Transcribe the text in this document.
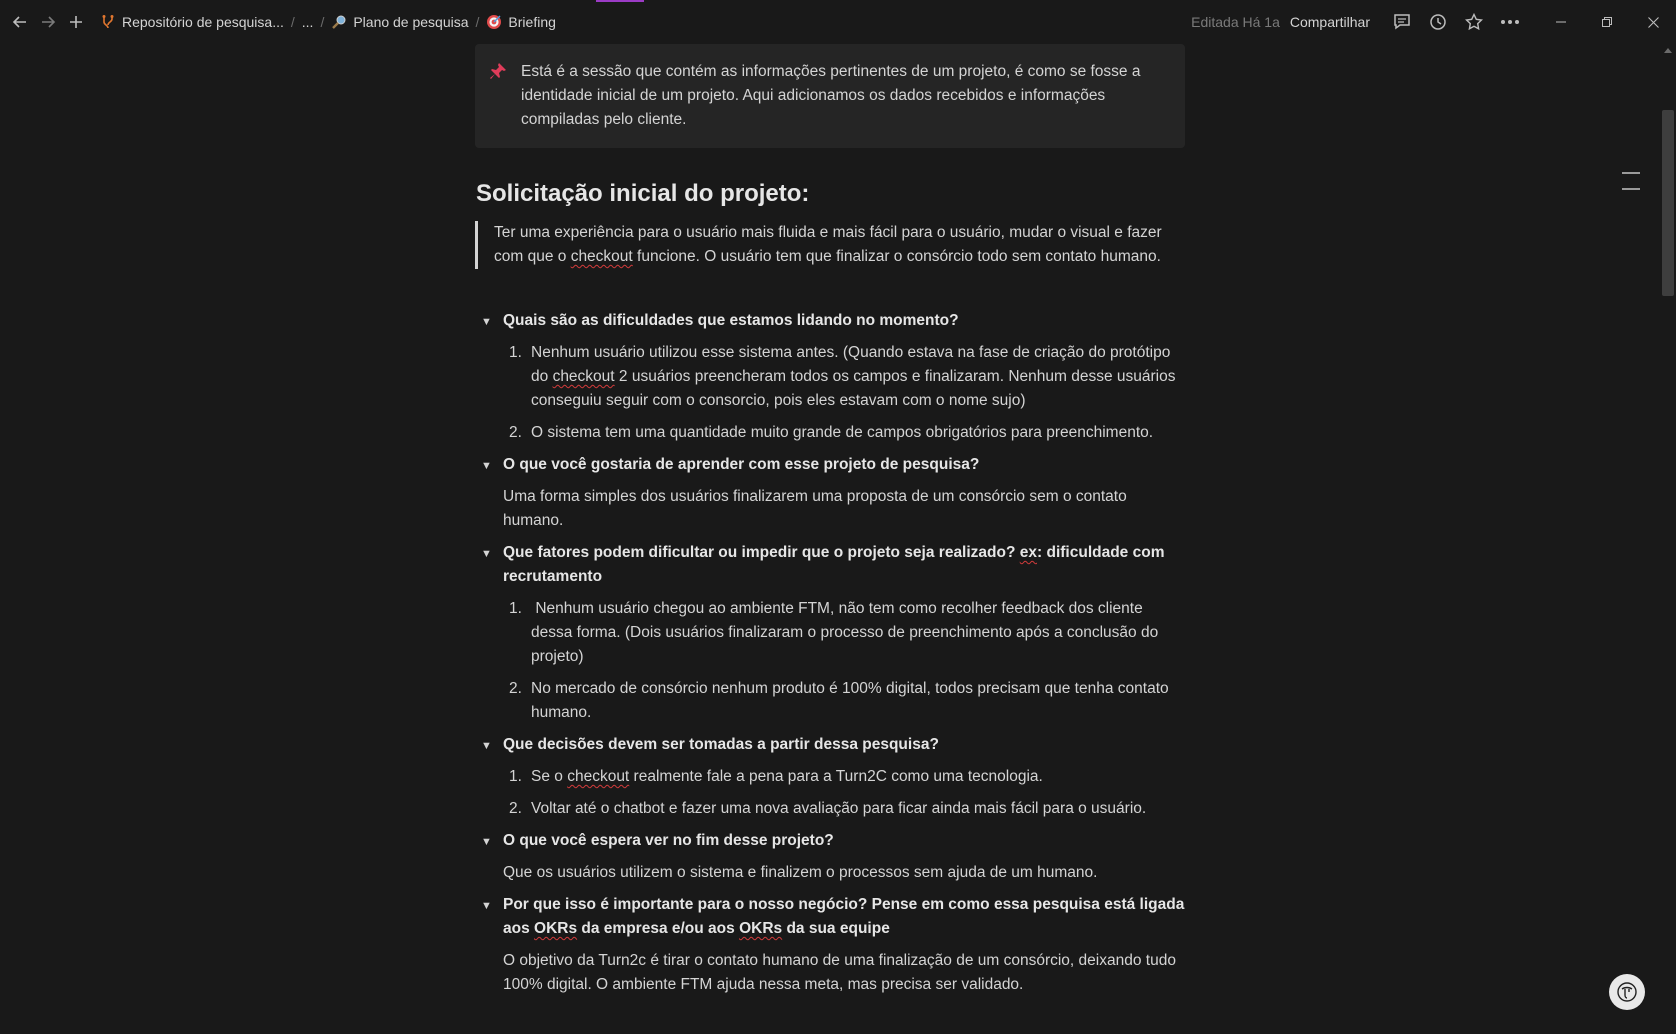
Repositório de pesquisa... / ... / Plano de pesquisa / Briefing	Editada Há 1a Compartilhar

Está é a sessão que contém as informações pertinentes de um projeto, é como se fosse a identidade inicial de um projeto. Aqui adicionamos os dados recebidos e informações compiladas pelo cliente.

Solicitação inicial do projeto:
Ter uma experiência para o usuário mais fluida e mais fácil para o usuário, mudar o visual e fazer com que o checkout funcione. O usuário tem que finalizar o consórcio todo sem contato humano.
▼ Quais são as dificuldades que estamos lidando no momento?
1. Nenhum usuário utilizou esse sistema antes. (Quando estava na fase de criação do protótipo do checkout 2 usuários preencheram todos os campos e finalizaram. Nenhum desse usuários conseguiu seguir com o consorcio, pois eles estavam com o nome sujo)
2. O sistema tem uma quantidade muito grande de campos obrigatórios para preenchimento.
▼ O que você gostaria de aprender com esse projeto de pesquisa?
Uma forma simples dos usuários finalizarem uma proposta de um consórcio sem o contato humano.
▼ Que fatores podem dificultar ou impedir que o projeto seja realizado? ex: dificuldade com recrutamento
1. Nenhum usuário chegou ao ambiente FTM, não tem como recolher feedback dos cliente dessa forma. (Dois usuários finalizaram o processo de preenchimento após a conclusão do projeto)
2. No mercado de consórcio nenhum produto é 100% digital, todos precisam que tenha contato humano.
▼ Que decisões devem ser tomadas a partir dessa pesquisa?
1. Se o checkout realmente fale a pena para a Turn2C como uma tecnologia.
2. Voltar até o chatbot e fazer uma nova avaliação para ficar ainda mais fácil para o usuário.
▼ O que você espera ver no fim desse projeto?
Que os usuários utilizem o sistema e finalizem o processos sem ajuda de um humano.
▼ Por que isso é importante para o nosso negócio? Pense em como essa pesquisa está ligada aos OKRs da empresa e/ou aos OKRs da sua equipe
O objetivo da Turn2c é tirar o contato humano de uma finalização de um consórcio, deixando tudo 100% digital. O ambiente FTM ajuda nessa meta, mas precisa ser validado.
